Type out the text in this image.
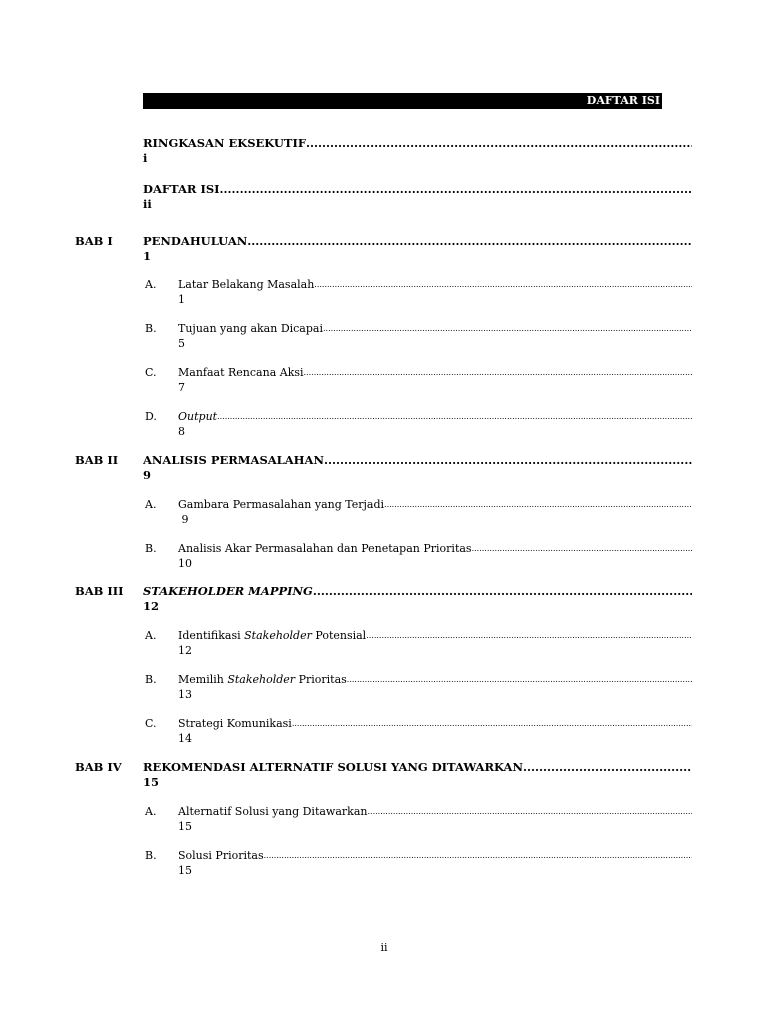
DAFTAR ISI
RINGKASAN EKSEKUTIF
.....
i
DAFTAR ISI
.....
ii
BAB I	PENDAHULUAN
.....
1
A. Latar Belakang Masalah
.....
1
B. Tujuan yang akan Dicapai
.....
5
C. Manfaat Rencana Aksi
.....
7
D. Output
.....
8
BAB II ANALISIS PERMASALAHAN
.....
9
A. Gambara Permasalahan yang Terjadi
.....
9
B. Analisis Akar Permasalahan dan Penetapan Prioritas
.....
10
BAB III STAKEHOLDER MAPPING
.....
12
A. Identifikasi Stakeholder Potensial
.....
12
B. Memilih Stakeholder Prioritas
.....
13
C. Strategi Komunikasi
.....
14
BAB IV REKOMENDASI ALTERNATIF SOLUSI YANG DITAWARKAN
.....
15
A. Alternatif Solusi yang Ditawarkan
.....
15
B. Solusi Prioritas
.....
15
ii
